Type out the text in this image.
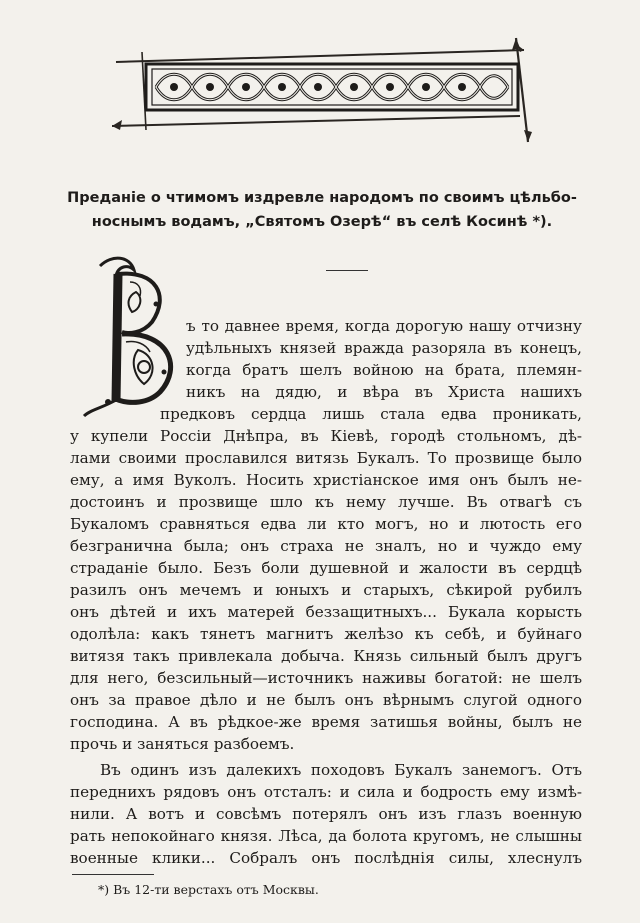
Преданіе о чтимомъ издревле народомъ по своимъ цѣльбо-
носнымъ водамъ, „Святомъ Озерѣ“ въ селѣ Косинѣ *).
ъ то давнее время, когда дорогую нашу отчизну
удѣльныхъ князей вражда разоряла въ конецъ,
когда братъ шелъ войною на брата, племян-
никъ на дядю, и вѣра въ Христа нашихъ
предковъ сердца лишь стала едва проникать,
у купели Россіи Днѣпра, въ Кіевѣ, городѣ стольномъ, дѣ-
лами своими прославился витязь Букалъ. То прозвище было
ему, а имя Вуколъ. Носить христіанское имя онъ былъ не-
достоинъ и прозвище шло къ нему лучше. Въ отвагѣ съ
Букаломъ сравняться едва ли кто могъ, но и лютость его
безгранична была; онъ страха не зналъ, но и чуждо ему
страданіе было. Безъ боли душевной и жалости въ сердцѣ
разилъ онъ мечемъ и юныхъ и старыхъ, сѣкирой рубилъ
онъ дѣтей и ихъ матерей беззащитныхъ... Букала корысть
одолѣла: какъ тянетъ магнитъ желѣзо къ себѣ, и буйнаго
витязя такъ привлекала добыча. Князь сильный былъ другъ
для него, безсильный—источникъ наживы богатой: не шелъ
онъ за правое дѣло и не былъ онъ вѣрнымъ слугой одного
господина. А въ рѣдкое-же время затишья войны, былъ не
прочь и заняться разбоемъ.
Въ одинъ изъ далекихъ походовъ Букалъ занемогъ. Отъ
переднихъ рядовъ онъ отсталъ: и сила и бодрость ему измѣ-
нили. А вотъ и совсѣмъ потерялъ онъ изъ глазъ военную
рать непокойнаго князя. Лѣса, да болота кругомъ, не слышны
военные клики... Собралъ онъ послѣднія силы, хлеснулъ
*) Въ 12-ти верстахъ отъ Москвы.
